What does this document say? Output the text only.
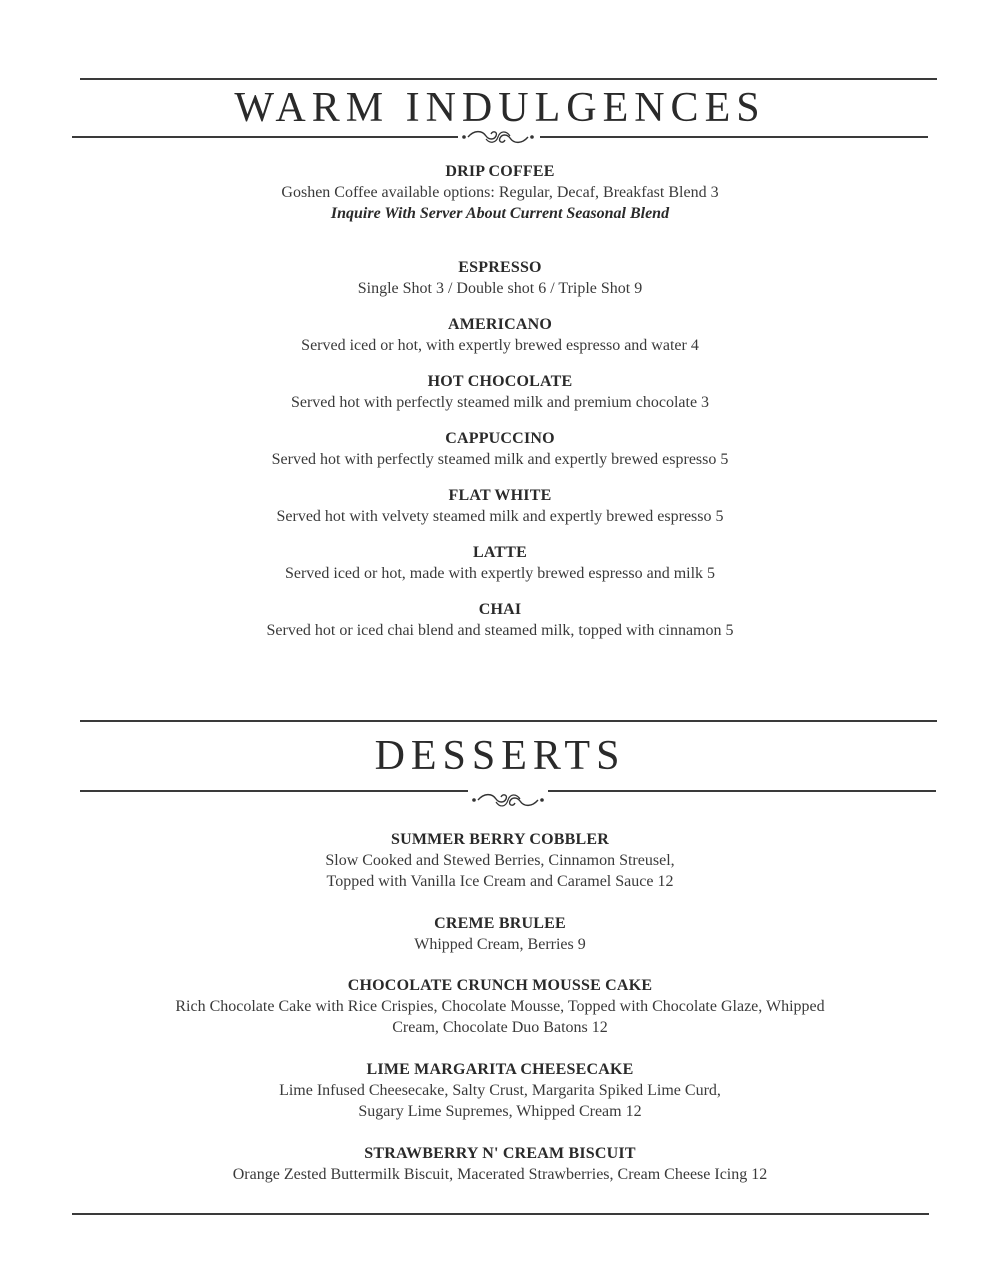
WARM INDULGENCES
DRIP COFFEE
Goshen Coffee available options: Regular, Decaf, Breakfast Blend 3
Inquire With Server About Current Seasonal Blend
ESPRESSO
Single Shot 3 / Double shot 6 / Triple Shot 9
AMERICANO
Served iced or hot, with expertly brewed espresso and water 4
HOT CHOCOLATE
Served hot with perfectly steamed milk and premium chocolate 3
CAPPUCCINO
Served hot with perfectly steamed milk and expertly brewed espresso 5
FLAT WHITE
Served hot with velvety steamed milk and expertly brewed espresso 5
LATTE
Served iced or hot, made with expertly brewed espresso and milk 5
CHAI
Served hot or iced chai blend and steamed milk, topped with cinnamon 5
DESSERTS
SUMMER BERRY COBBLER
Slow Cooked and Stewed Berries, Cinnamon Streusel,
Topped with Vanilla Ice Cream and Caramel Sauce 12
CREME BRULEE
Whipped Cream, Berries 9
CHOCOLATE CRUNCH MOUSSE CAKE
Rich Chocolate Cake with Rice Crispies, Chocolate Mousse, Topped with Chocolate Glaze, Whipped
Cream, Chocolate Duo Batons 12
LIME MARGARITA CHEESECAKE
Lime Infused Cheesecake, Salty Crust, Margarita Spiked Lime Curd,
Sugary Lime Supremes, Whipped Cream 12
STRAWBERRY N' CREAM BISCUIT
Orange Zested Buttermilk Biscuit, Macerated Strawberries, Cream Cheese Icing 12
